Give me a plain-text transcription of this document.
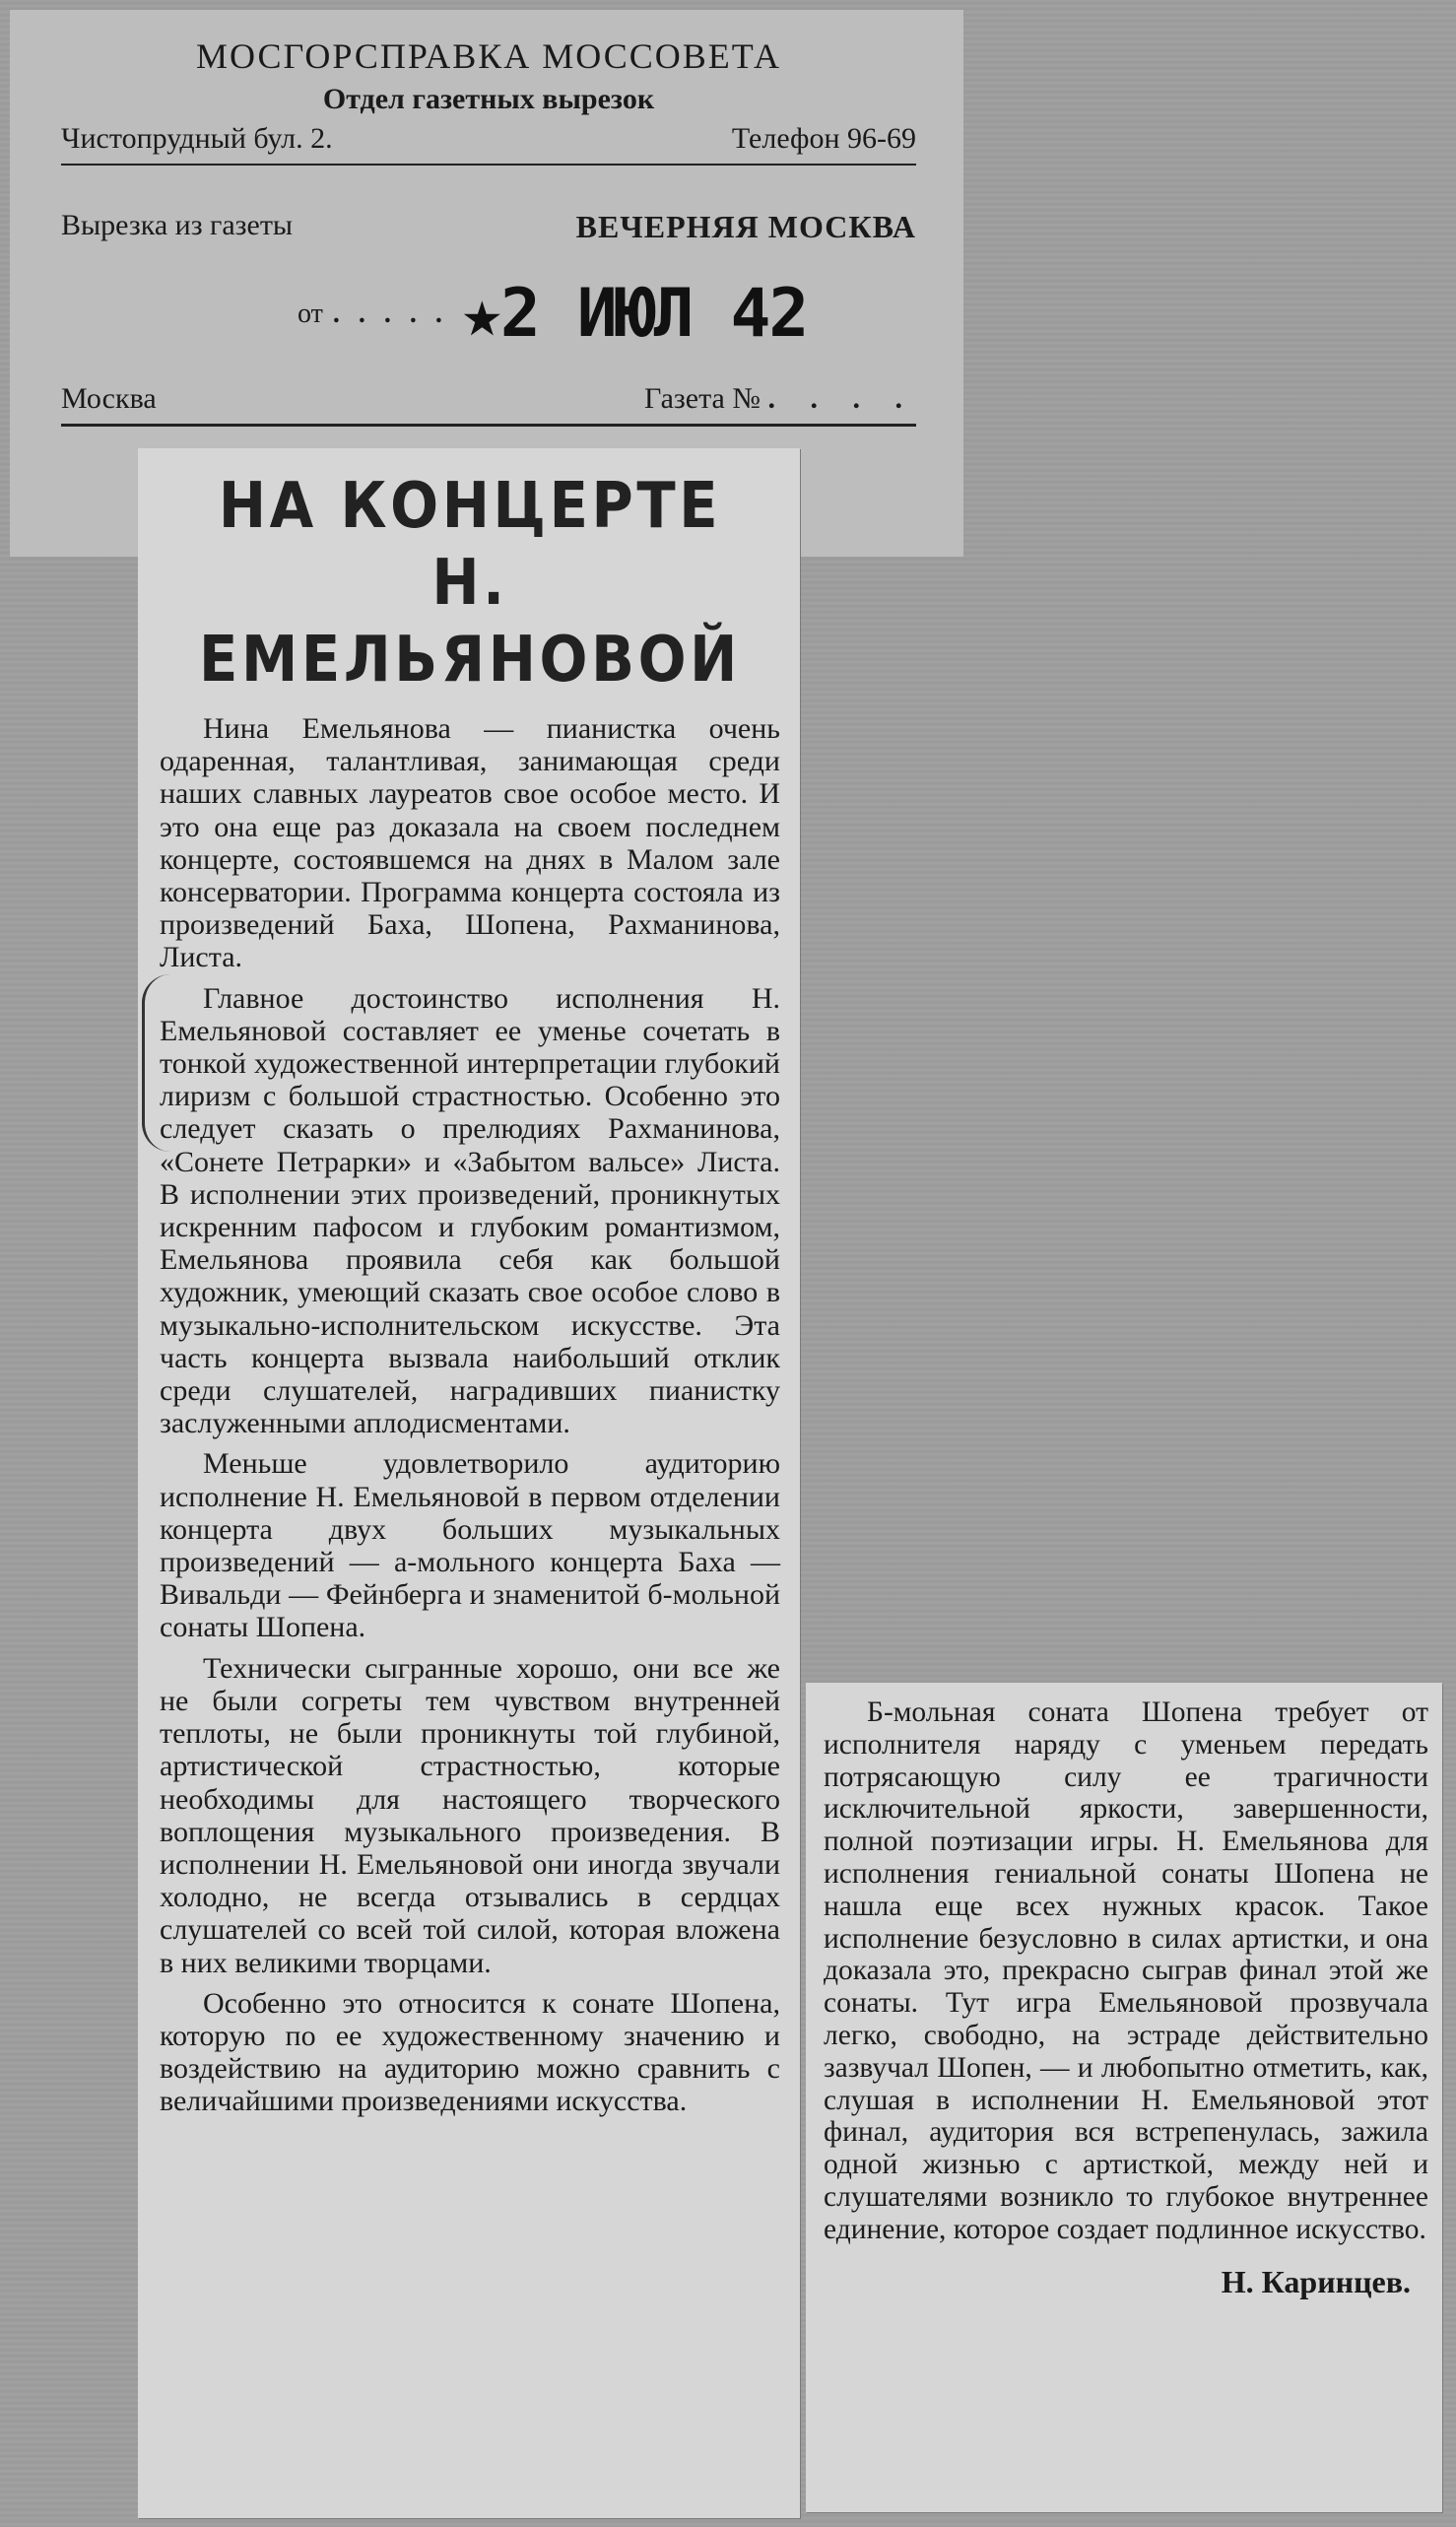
МОСГОРСПРАВКА МОССОВЕТА
Отдел газетных вырезок
Чистопрудный бул. 2.	Телефон 96-69
Вырезка из газеты	ВЕЧЕРНЯЯ МОСКВА
от . . . . . ★2 ИЮЛ 42
Москва	Газета № . . . .
НА КОНЦЕРТЕ
Н. ЕМЕЛЬЯНОВОЙ

Нина Емельянова — пианистка очень одаренная, талантливая, занимающая среди наших славных лауреатов свое особое место. И это она еще раз доказала на своем последнем концерте, состоявшемся на днях в Малом зале консерватории. Программа концерта состояла из произведений Баха, Шопена, Рахманинова, Листа.

Главное достоинство исполнения Н. Емельяновой составляет ее уменье сочетать в тонкой художественной интерпретации глубокий лиризм с большой страстностью. Особенно это следует сказать о прелюдиях Рахманинова, «Сонете Петрарки» и «Забытом вальсе» Листа. В исполнении этих произведений, проникнутых искренним пафосом и глубоким романтизмом, Емельянова проявила себя как большой художник, умеющий сказать свое особое слово в музыкально-исполнительском искусстве. Эта часть концерта вызвала наибольший отклик среди слушателей, наградивших пианистку заслуженными аплодисментами.

Меньше удовлетворило аудиторию исполнение Н. Емельяновой в первом отделении концерта двух больших музыкальных произведений — а-мольного концерта Баха — Вивальди — Фейнберга и знаменитой б-мольной сонаты Шопена.

Технически сыгранные хорошо, они все же не были согреты тем чувством внутренней теплоты, не были проникнуты той глубиной, артистической страстностью, которые необходимы для настоящего творческого воплощения музыкального произведения. В исполнении Н. Емельяновой они иногда звучали холодно, не всегда отзывались в сердцах слушателей со всей той силой, которая вложена в них великими творцами.

Особенно это относится к сонате Шопена, которую по ее художественному значению и воздействию на аудиторию можно сравнить с величайшими произведениями искусства.

Б-мольная соната Шопена требует от исполнителя наряду с уменьем передать потрясающую силу ее трагичности исключительной яркости, завершенности, полной поэтизации игры. Н. Емельянова для исполнения гениальной сонаты Шопена не нашла еще всех нужных красок. Такое исполнение безусловно в силах артистки, и она доказала это, прекрасно сыграв финал этой же сонаты. Тут игра Емельяновой прозвучала легко, свободно, на эстраде действительно зазвучал Шопен, — и любопытно отметить, как, слушая в исполнении Н. Емельяновой этот финал, аудитория вся встрепенулась, зажила одной жизнью с артисткой, между ней и слушателями возникло то глубокое внутреннее единение, которое создает подлинное искусство.

Н. Каринцев.
